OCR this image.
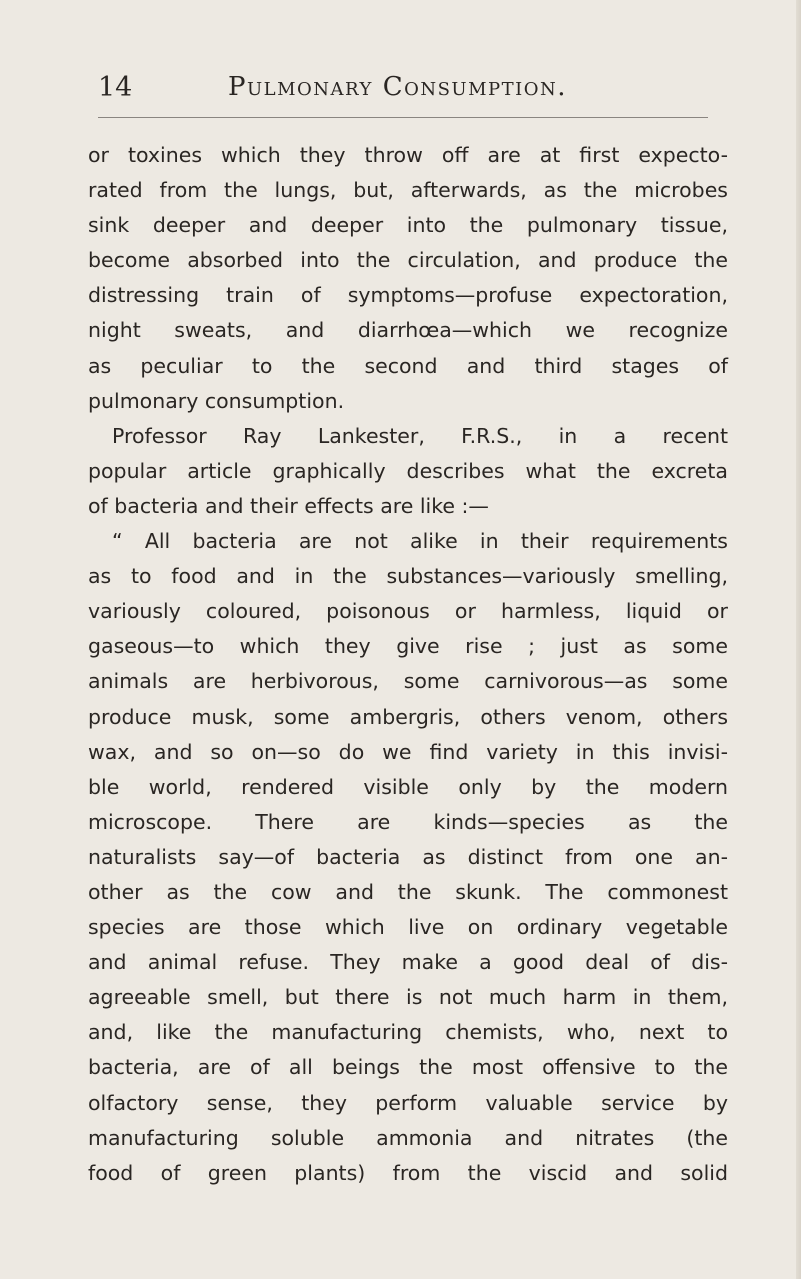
14	Pulmonary Consumption.
or toxines which they throw off are at first expecto-
rated from the lungs, but, afterwards, as the microbes
sink deeper and deeper into the pulmonary tissue,
become absorbed into the circulation, and produce the
distressing train of symptoms—profuse expectoration,
night sweats, and diarrhœa—which we recognize
as peculiar to the second and third stages of
pulmonary consumption.
Professor Ray Lankester, F.R.S., in a recent
popular article graphically describes what the excreta
of bacteria and their effects are like :—
“ All bacteria are not alike in their requirements
as to food and in the substances—variously smelling,
variously coloured, poisonous or harmless, liquid or
gaseous—to which they give rise ; just as some
animals are herbivorous, some carnivorous—as some
produce musk, some ambergris, others venom, others
wax, and so on—so do we find variety in this invisi-
ble world, rendered visible only by the modern
microscope. There are kinds—species as the
naturalists say—of bacteria as distinct from one an-
other as the cow and the skunk. The commonest
species are those which live on ordinary vegetable
and animal refuse. They make a good deal of dis-
agreeable smell, but there is not much harm in them,
and, like the manufacturing chemists, who, next to
bacteria, are of all beings the most offensive to the
olfactory sense, they perform valuable service by
manufacturing soluble ammonia and nitrates (the
food of green plants) from the viscid and solid
